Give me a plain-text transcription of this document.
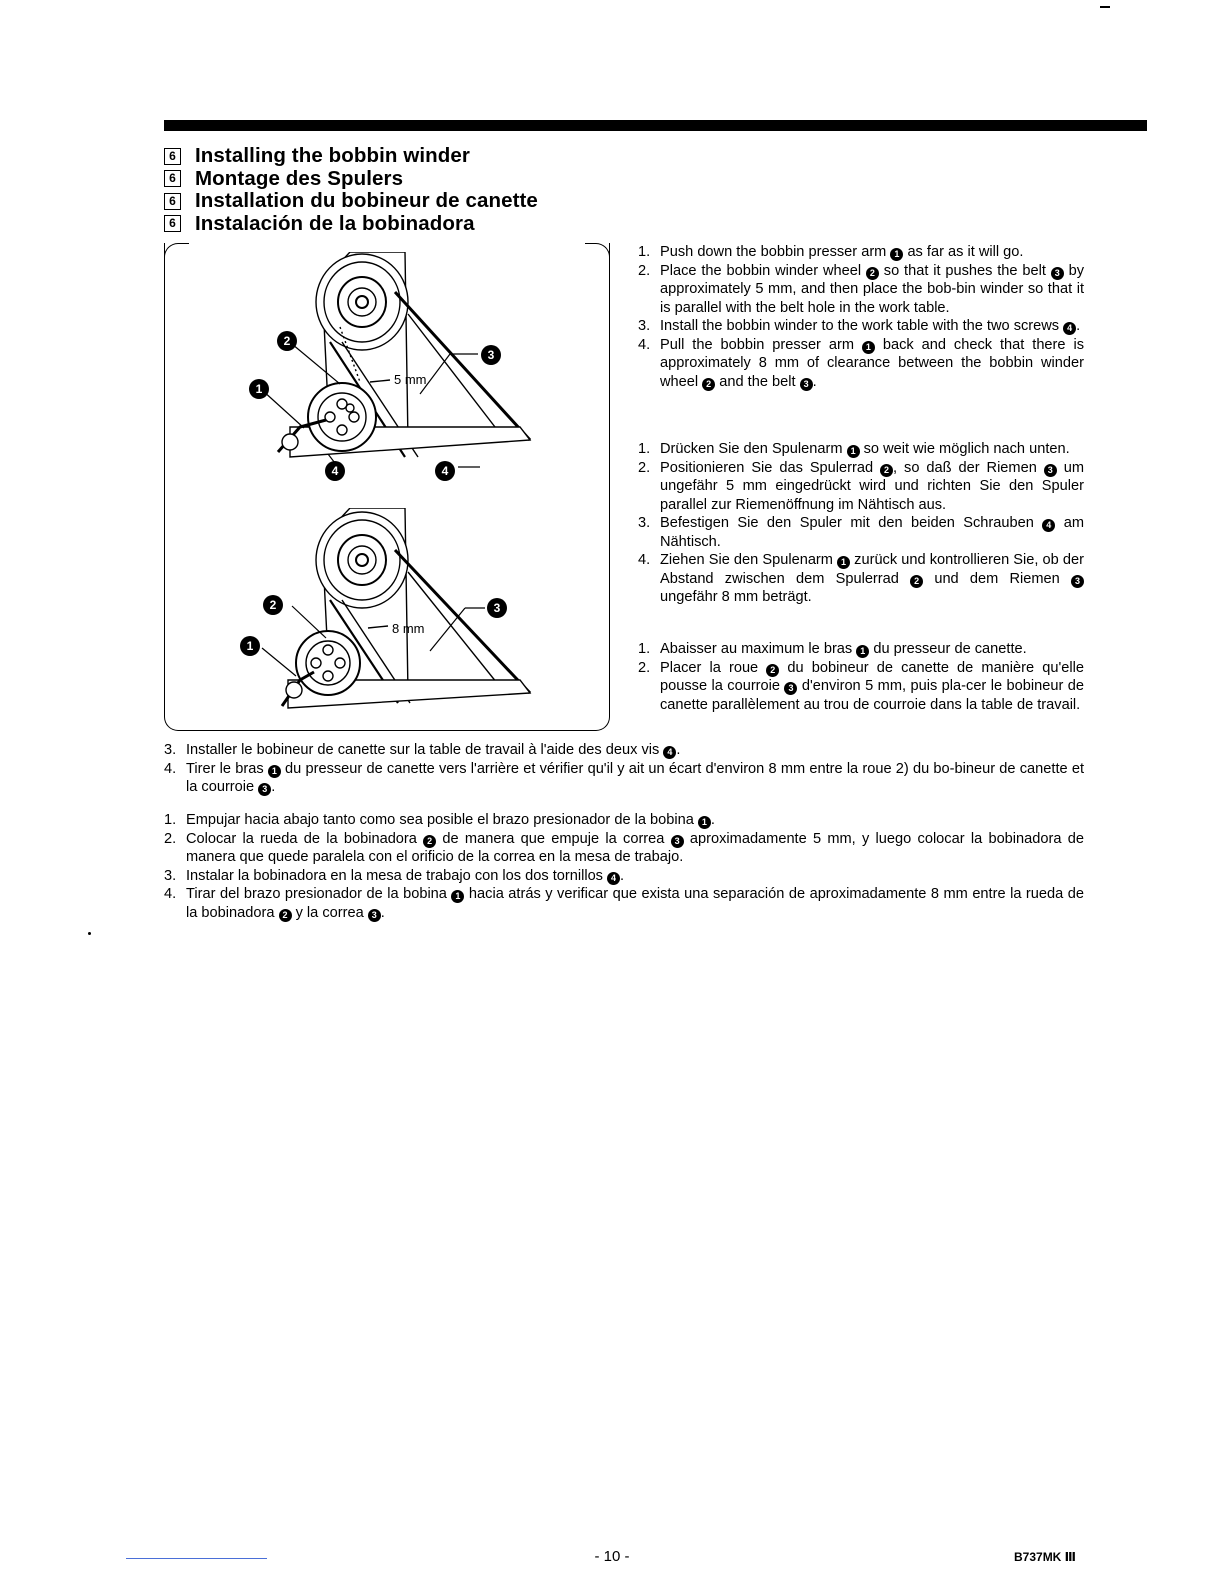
6 Installing the bobbin winder
6 Montage des Spulers
6 Installation du bobineur de canette
6 Instalación de la bobinadora
2
3
1
4	4
5 mm
2	3
1
8 mm
1. Push down the bobbin presser arm 1 as far as it will go.
2. Place the bobbin winder wheel 2 so that it pushes the belt 3 by approximately 5 mm, and then place the bob-bin winder so that it is parallel with the belt hole in the work table.
3. Install the bobbin winder to the work table with the two screws 4 .
4. Pull the bobbin presser arm 1 back and check that there is approximately 8 mm of clearance between the bobbin winder wheel 2 and the belt 3 .
1. Drücken Sie den Spulenarm 1 so weit wie möglich nach unten.
2. Positionieren Sie das Spulerrad 2 , so daß der Riemen 3 um ungefähr 5 mm eingedrückt wird und richten Sie den Spuler parallel zur Riemenöffnung im Nähtisch aus.
3. Befestigen Sie den Spuler mit den beiden Schrauben 4 am Nähtisch.
4. Ziehen Sie den Spulenarm 1 zurück und kontrollieren Sie, ob der Abstand zwischen dem Spulerrad 2 und dem Riemen 3 ungefähr 8 mm beträgt.
1. Abaisser au maximum le bras 1 du presseur de canette.
2. Placer la roue 2 du bobineur de canette de manière qu'elle pousse la courroie 3 d'environ 5 mm, puis pla-cer le bobineur de canette parallèlement au trou de courroie dans la table de travail.
3. Installer le bobineur de canette sur la table de travail à l'aide des deux vis 4 .
4. Tirer le bras 1 du presseur de canette vers l'arrière et vérifier qu'il y ait un écart d'environ 8 mm entre la roue 2) du bo-bineur de canette et la courroie 3 .
1. Empujar hacia abajo tanto como sea posible el brazo presionador de la bobina 1 .
2. Colocar la rueda de la bobinadora 2 de manera que empuje la correa 3 aproximadamente 5 mm, y luego colocar la bobinadora de manera que quede paralela con el orificio de la correa en la mesa de trabajo.
3. Instalar la bobinadora en la mesa de trabajo con los dos tornillos 4 .
4. Tirar del brazo presionador de la bobina 1 hacia atrás y verificar que exista una separación de aproximadamente 8 mm entre la rueda de la bobinadora 2 y la correa 3 .
- 10 -	B737MK Ⅲ
